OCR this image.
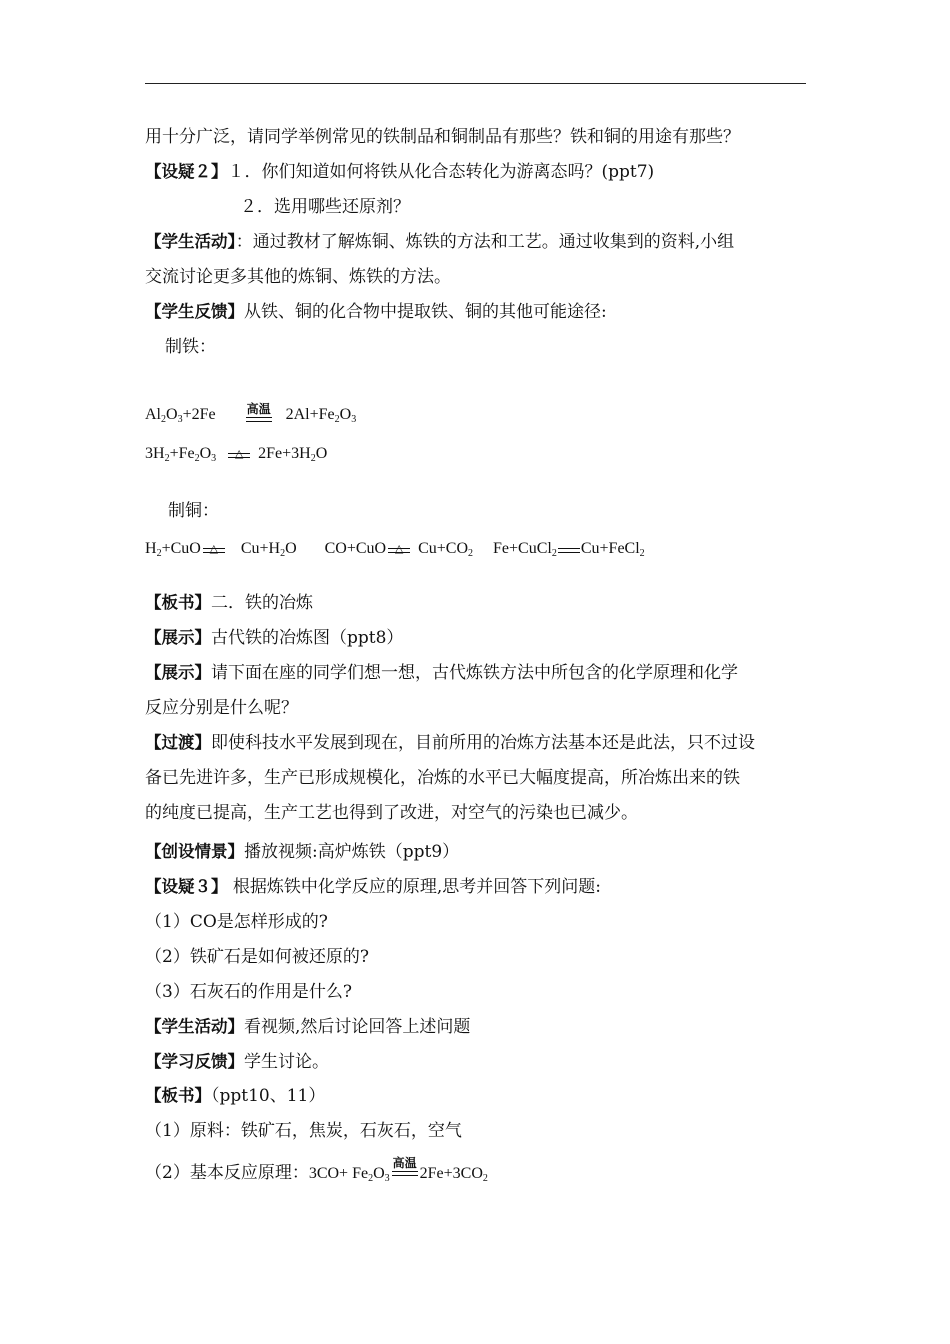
用十分广泛，请同学举例常见的铁制品和铜制品有那些？铁和铜的用途有那些？
【设疑２】１．你们知道如何将铁从化合态转化为游离态吗？(ppt7)
２．选用哪些还原剂？
【学生活动】：通过教材了解炼铜、炼铁的方法和工艺。通过收集到的资料,小组
交流讨论更多其他的炼铜、炼铁的方法。
【学生反馈】从铁、铜的化合物中提取铁、铜的其他可能途径:
制铁：
$Al_2O_3+2Fe$	高温 $2Al+Fe_2O_3$
$3H_2+Fe_2O_3$	△ $2Fe+3H_2O$
制铜：
$H_2+CuO$ △	$Cu+H_2O$ CO+CuO △ $Cu+CO_2$ Fe+CuCl$_2$ Cu+FeCl$_2$
【板书】二．铁的冶炼
【展示】古代铁的冶炼图（ppt8）
【展示】请下面在座的同学们想一想，古代炼铁方法中所包含的化学原理和化学
反应分别是什么呢？
【过渡】即使科技水平发展到现在，目前所用的冶炼方法基本还是此法，只不过设
备已先进许多，生产已形成规模化，冶炼的水平已大幅度提高，所冶炼出来的铁
的纯度已提高，生产工艺也得到了改进，对空气的污染也已减少。
【创设情景】播放视频:高炉炼铁（ppt9）
【设疑３】 根据炼铁中化学反应的原理,思考并回答下列问题:
（1）CO是怎样形成的?
（2）铁矿石是如何被还原的?
（3）石灰石的作用是什么?
【学生活动】看视频,然后讨论回答上述问题
【学习反馈】学生讨论。
【板书】（ppt10、11）
（1）原料：铁矿石，焦炭，石灰石，空气
（2）基本反应原理：$3CO+ Fe_2O_3$
高温
$2Fe+3CO_2$
